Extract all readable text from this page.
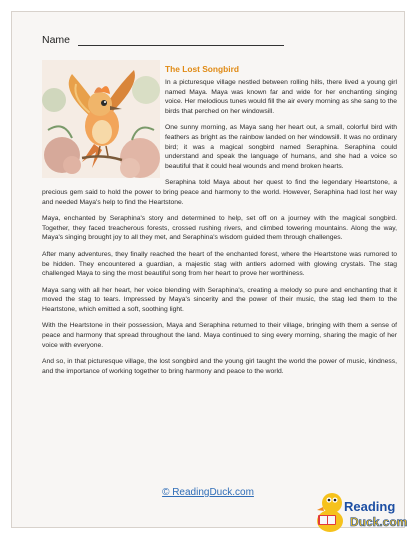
Name
The Lost Songbird

In a picturesque village nestled between rolling hills, there lived a young girl named Maya. Maya was known far and wide for her enchanting singing voice. Her melodious tunes would fill the air every morning as she sang to the birds that perched on her windowsill.

One sunny morning, as Maya sang her heart out, a small, colorful bird with feathers as bright as the rainbow landed on her windowsill. It was no ordinary bird; it was a magical songbird named Seraphina. Seraphina could understand and speak the language of humans, and she had a voice so beautiful that it could heal wounds and mend broken hearts.

Seraphina told Maya about her quest to find the legendary Heartstone, a precious gem said to hold the power to bring peace and harmony to the world. However, Seraphina had lost her way and needed Maya's help to find the Heartstone.

Maya, enchanted by Seraphina's story and determined to help, set off on a journey with the magical songbird. Together, they faced treacherous forests, crossed rushing rivers, and climbed towering mountains. Along the way, Maya's singing brought joy to all they met, and Seraphina's wisdom guided them through challenges.

After many adventures, they finally reached the heart of the enchanted forest, where the Heartstone was rumored to be hidden. They encountered a guardian, a majestic stag with antlers adorned with glowing crystals. The stag challenged Maya to sing the most beautiful song from her heart to prove her worthiness.

Maya sang with all her heart, her voice blending with Seraphina's, creating a melody so pure and enchanting that it moved the stag to tears. Impressed by Maya's sincerity and the power of their music, the stag led them to the Heartstone, which emitted a soft, soothing light.

With the Heartstone in their possession, Maya and Seraphina returned to their village, bringing with them a sense of peace and harmony that spread throughout the land. Maya continued to sing every morning, sharing the magic of her voice with everyone.

And so, in that picturesque village, the lost songbird and the young girl taught the world the power of music, kindness, and the importance of working together to bring harmony and peace to the world.

© ReadingDuck.com
Reading
Duck.com
